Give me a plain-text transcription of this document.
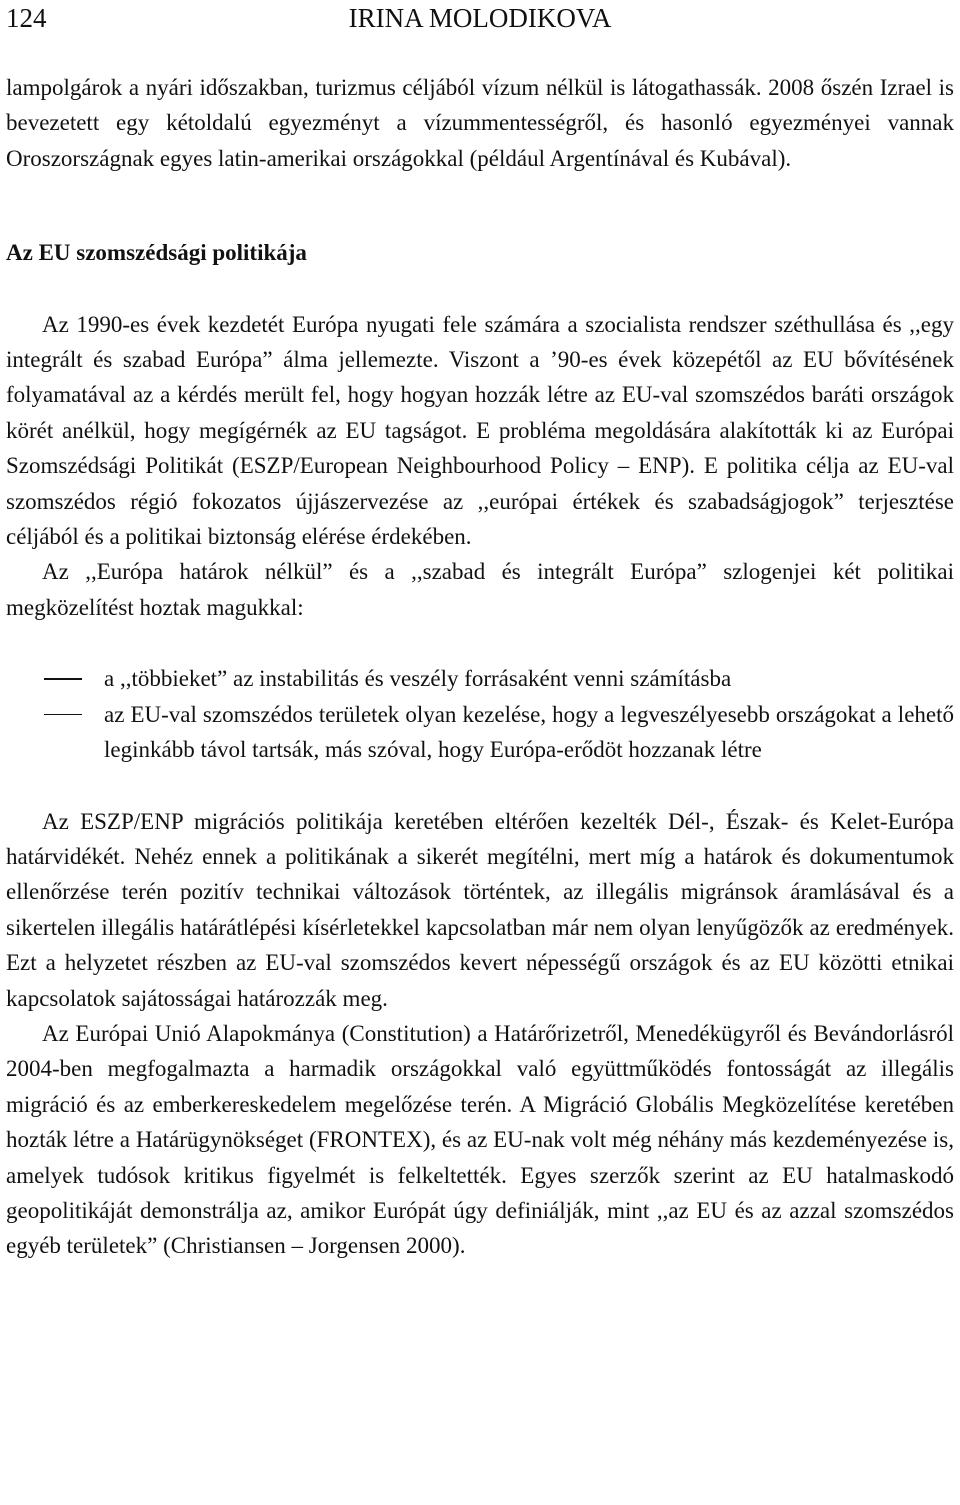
124	IRINA MOLODIKOVA

lampolgárok a nyári időszakban, turizmus céljából vízum nélkül is látogathassák. 2008 őszén Izrael is bevezetett egy kétoldalú egyezményt a vízummentességről, és hasonló egyezményei vannak Oroszországnak egyes latin-amerikai országokkal (például Argentínával és Kubával).

Az EU szomszédsági politikája

Az 1990-es évek kezdetét Európa nyugati fele számára a szocialista rendszer széthullása és ,,egy integrált és szabad Európa” álma jellemezte. Viszont a ’90-es évek közepétől az EU bővítésének folyamatával az a kérdés merült fel, hogy hogyan hozzák létre az EU-val szomszédos baráti országok körét anélkül, hogy megígérnék az EU tagságot. E probléma megoldására alakították ki az Európai Szomszédsági Politikát (ESZP/European Neighbourhood Policy – ENP). E politika célja az EU-val szomszédos régió fokozatos újjászervezése az ,,európai értékek és szabadságjogok” terjesztése céljából és a politikai biztonság elérése érdekében.

Az ,,Európa határok nélkül” és a ,,szabad és integrált Európa” szlogenjei két politikai megközelítést hoztak magukkal:

a ,,többieket” az instabilitás és veszély forrásaként venni számításba
az EU-val szomszédos területek olyan kezelése, hogy a legveszélyesebb országokat a lehető leginkább távol tartsák, más szóval, hogy Európa-erődöt hozzanak létre

Az ESZP/ENP migrációs politikája keretében eltérően kezelték Dél-, Észak- és Kelet-Európa határvidékét. Nehéz ennek a politikának a sikerét megítélni, mert míg a határok és dokumentumok ellenőrzése terén pozitív technikai változások történtek, az illegális migránsok áramlásával és a sikertelen illegális határátlépési kísérletekkel kapcsolatban már nem olyan lenyűgözők az eredmények. Ezt a helyzetet részben az EU-val szomszédos kevert népességű országok és az EU közötti etnikai kapcsolatok sajátosságai határozzák meg.

Az Európai Unió Alapokmánya (Constitution) a Határőrizetről, Menedékügyről és Bevándorlásról 2004-ben megfogalmazta a harmadik országokkal való együttműködés fontosságát az illegális migráció és az emberkereskedelem megelőzése terén. A Migráció Globális Megközelítése keretében hozták létre a Határügynökséget (FRONTEX), és az EU-nak volt még néhány más kezdeményezése is, amelyek tudósok kritikus figyelmét is felkeltették. Egyes szerzők szerint az EU hatalmaskodó geopolitikáját demonstrálja az, amikor Európát úgy definiálják, mint ,,az EU és az azzal szomszédos egyéb területek” (Christiansen – Jorgensen 2000).
